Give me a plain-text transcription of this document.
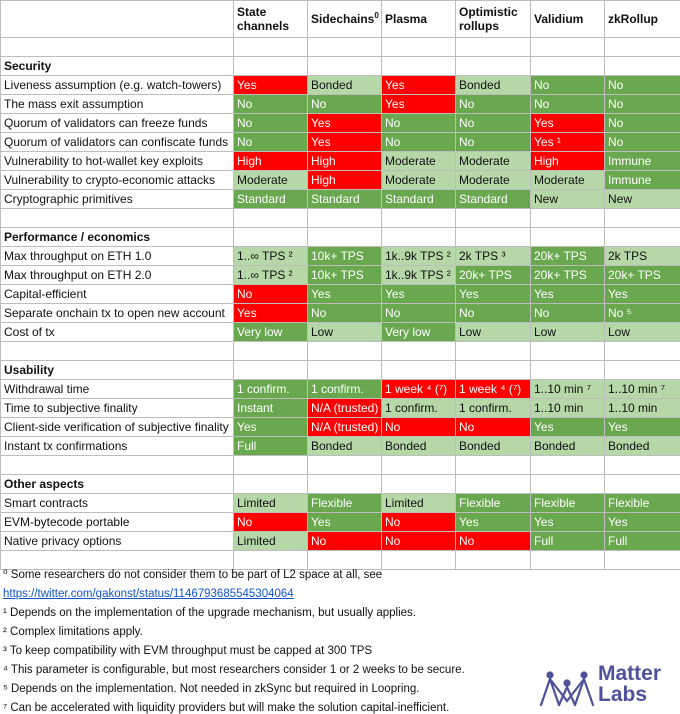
	State channels	Sidechains$^0$	Plasma	Optimistic rollups	Validium	zkRollup

Security						
Liveness assumption (e.g. watch-towers)	Yes	Bonded	Yes	Bonded	No	No
The mass exit assumption	No	No	Yes	No	No	No
Quorum of validators can freeze funds	No	Yes	No	No	Yes	No
Quorum of validators can confiscate funds	No	Yes	No	No	Yes ¹	No
Vulnerability to hot-wallet key exploits	High	High	Moderate	Moderate	High	Immune
Vulnerability to crypto-economic attacks	Moderate	High	Moderate	Moderate	Moderate	Immune
Cryptographic primitives	Standard	Standard	Standard	Standard	New	New

Performance / economics						
Max throughput on ETH 1.0	1..∞ TPS ²	10k+ TPS	1k..9k TPS ²	2k TPS ³	20k+ TPS	2k TPS
Max throughput on ETH 2.0	1..∞ TPS ²	10k+ TPS	1k..9k TPS ²	20k+ TPS	20k+ TPS	20k+ TPS
Capital-efficient	No	Yes	Yes	Yes	Yes	Yes
Separate onchain tx to open new account	Yes	No	No	No	No	No ⁵
Cost of tx	Very low	Low	Very low	Low	Low	Low

Usability						
Withdrawal time	1 confirm.	1 confirm.	1 week ⁴ (⁷)	1 week ⁴ (⁷)	1..10 min ⁷	1..10 min ⁷
Time to subjective finality	Instant	N/A (trusted)	1 confirm.	1 confirm.	1..10 min	1..10 min
Client-side verification of subjective finality	Yes	N/A (trusted)	No	No	Yes	Yes
Instant tx confirmations	Full	Bonded	Bonded	Bonded	Bonded	Bonded

Other aspects						
Smart contracts	Limited	Flexible	Limited	Flexible	Flexible	Flexible
EVM-bytecode portable	No	Yes	No	Yes	Yes	Yes
Native privacy options	Limited	No	No	No	Full	Full

⁰ Some researchers do not consider them to be part of L2 space at all, see
https://twitter.com/gakonst/status/1146793685545304064
¹ Depends on the implementation of the upgrade mechanism, but usually applies.
² Complex limitations apply.
³ To keep compatibility with EVM throughput must be capped at 300 TPS
⁴ This parameter is configurable, but most researchers consider 1 or 2 weeks to be secure.
⁵ Depends on the implementation. Not needed in zkSync but required in Loopring.
⁷ Can be accelerated with liquidity providers but will make the solution capital-inefficient.
Matter
Labs
